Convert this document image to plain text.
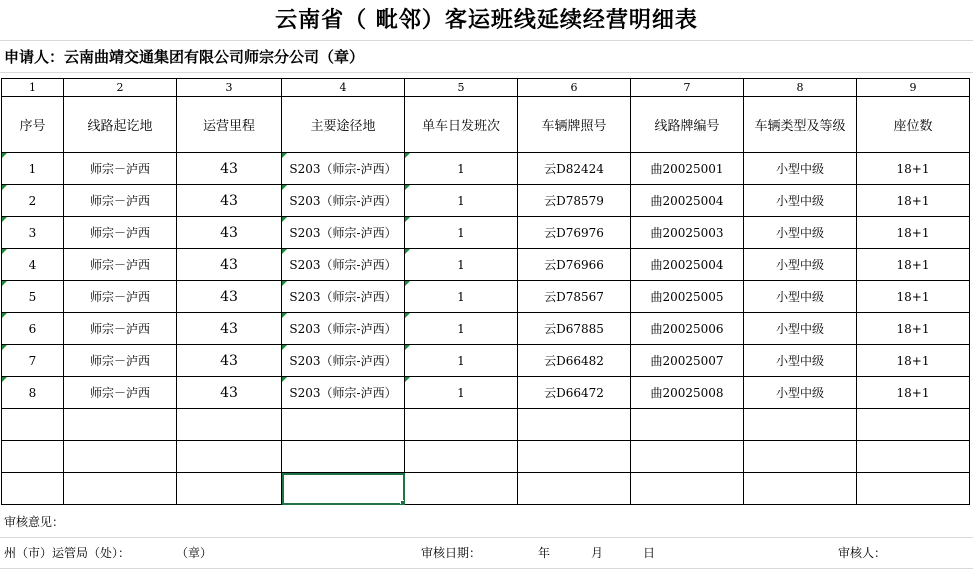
云南省（ 毗邻）客运班线延续经营明细表
申请人：云南曲靖交通集团有限公司师宗分公司（章）
1	2	3	4	5	6	7	8	9
序号	线路起讫地	运营里程	主要途径地	单车日发班次	车辆牌照号	线路牌编号	车辆类型及等级	座位数
1	师宗－泸西	43	S203（师宗-泸西）	1	云D82424	曲20025001	小型中级	18+1
2	师宗－泸西	43	S203（师宗-泸西）	1	云D78579	曲20025004	小型中级	18+1
3	师宗－泸西	43	S203（师宗-泸西）	1	云D76976	曲20025003	小型中级	18+1
4	师宗－泸西	43	S203（师宗-泸西）	1	云D76966	曲20025004	小型中级	18+1
5	师宗－泸西	43	S203（师宗-泸西）	1	云D78567	曲20025005	小型中级	18+1
6	师宗－泸西	43	S203（师宗-泸西）	1	云D67885	曲20025006	小型中级	18+1
7	师宗－泸西	43	S203（师宗-泸西）	1	云D66482	曲20025007	小型中级	18+1
8	师宗－泸西	43	S203（师宗-泸西）	1	云D66472	曲20025008	小型中级	18+1

审核意见：
州（市）运管局（处）：	（章）	审核日期：	年	月	日	审核人：
